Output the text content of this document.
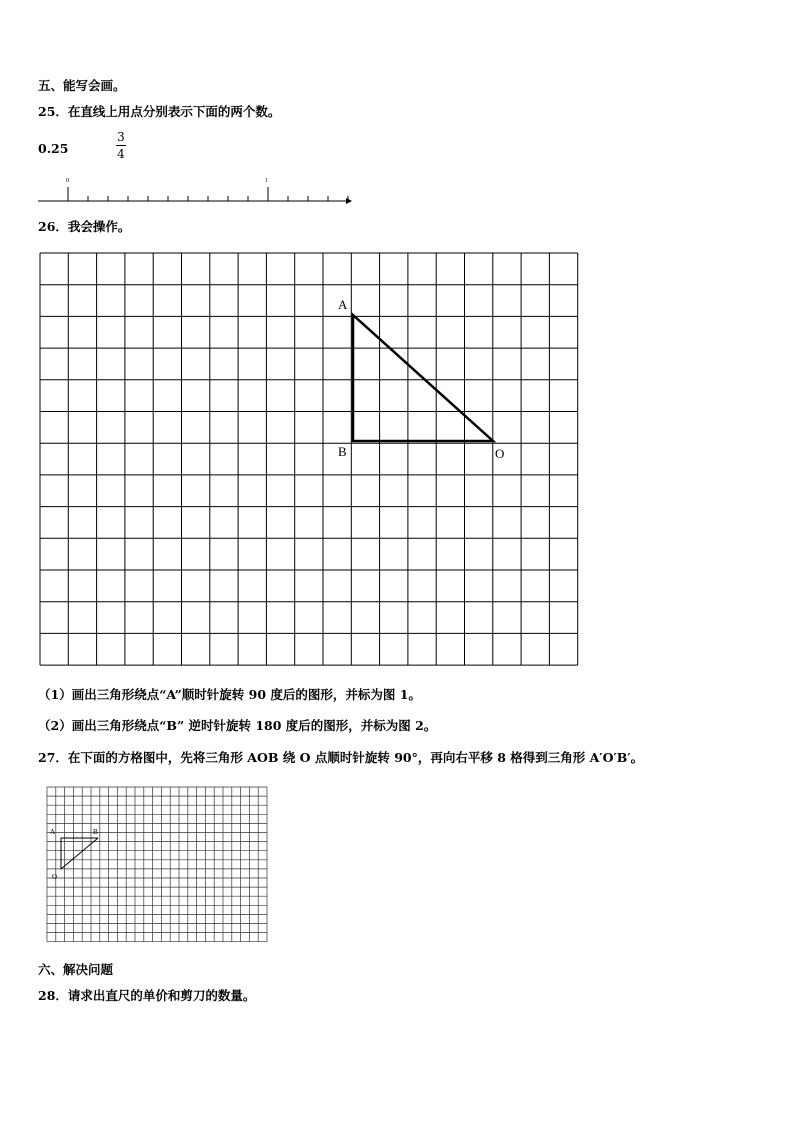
五、能写会画。
25．在直线上用点分别表示下面的两个数。
0.25
3
4
0	1
26．我会操作。
A
B	O
（1）画出三角形绕点“A”顺时针旋转 90 度后的图形，并标为图 1。
（2）画出三角形绕点“B” 逆时针旋转 180 度后的图形，并标为图 2。
27．在下面的方格图中，先将三角形 AOB 绕 O 点顺时针旋转 90°，再向右平移 8 格得到三角形 A′O′B′。
A	B
O
六、解决问题
28．请求出直尺的单价和剪刀的数量。
